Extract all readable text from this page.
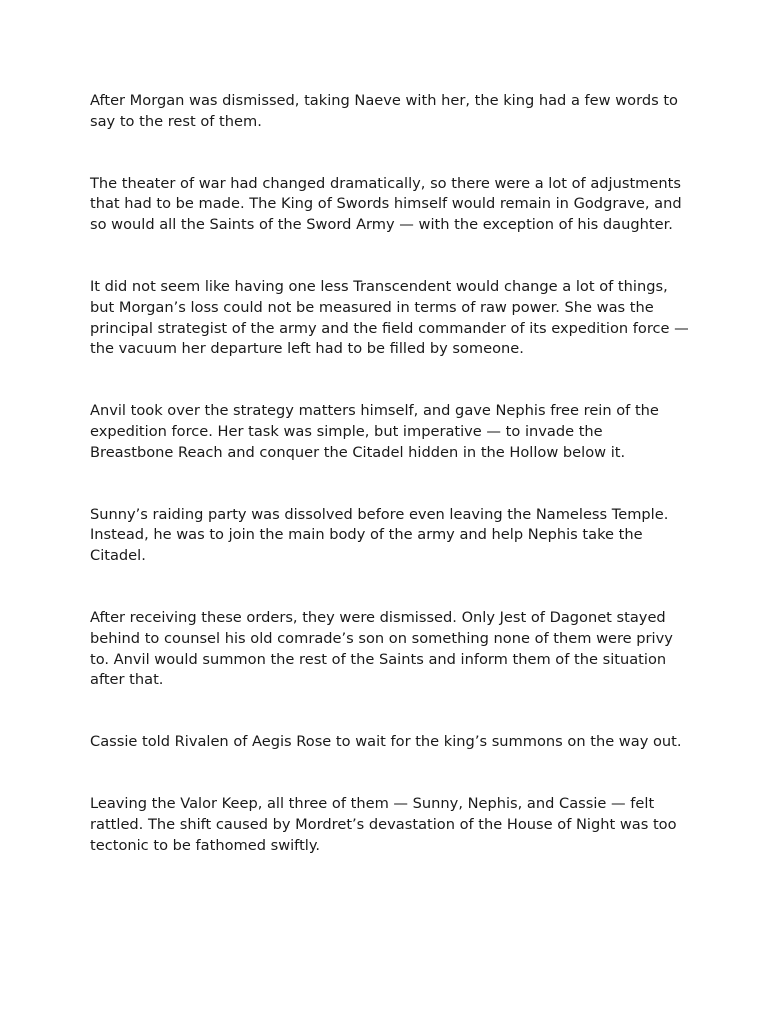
After Morgan was dismissed, taking Naeve with her, the king had a few words to say to the rest of them.

The theater of war had changed dramatically, so there were a lot of adjustments that had to be made. The King of Swords himself would remain in Godgrave, and so would all the Saints of the Sword Army — with the exception of his daughter.

It did not seem like having one less Transcendent would change a lot of things, but Morgan’s loss could not be measured in terms of raw power. She was the principal strategist of the army and the field commander of its expedition force — the vacuum her departure left had to be filled by someone.

Anvil took over the strategy matters himself, and gave Nephis free rein of the expedition force. Her task was simple, but imperative — to invade the Breastbone Reach and conquer the Citadel hidden in the Hollow below it.

Sunny’s raiding party was dissolved before even leaving the Nameless Temple. Instead, he was to join the main body of the army and help Nephis take the Citadel.

After receiving these orders, they were dismissed. Only Jest of Dagonet stayed behind to counsel his old comrade’s son on something none of them were privy to. Anvil would summon the rest of the Saints and inform them of the situation after that.

Cassie told Rivalen of Aegis Rose to wait for the king’s summons on the way out.

Leaving the Valor Keep, all three of them — Sunny, Nephis, and Cassie — felt rattled. The shift caused by Mordret’s devastation of the House of Night was too tectonic to be fathomed swiftly.
